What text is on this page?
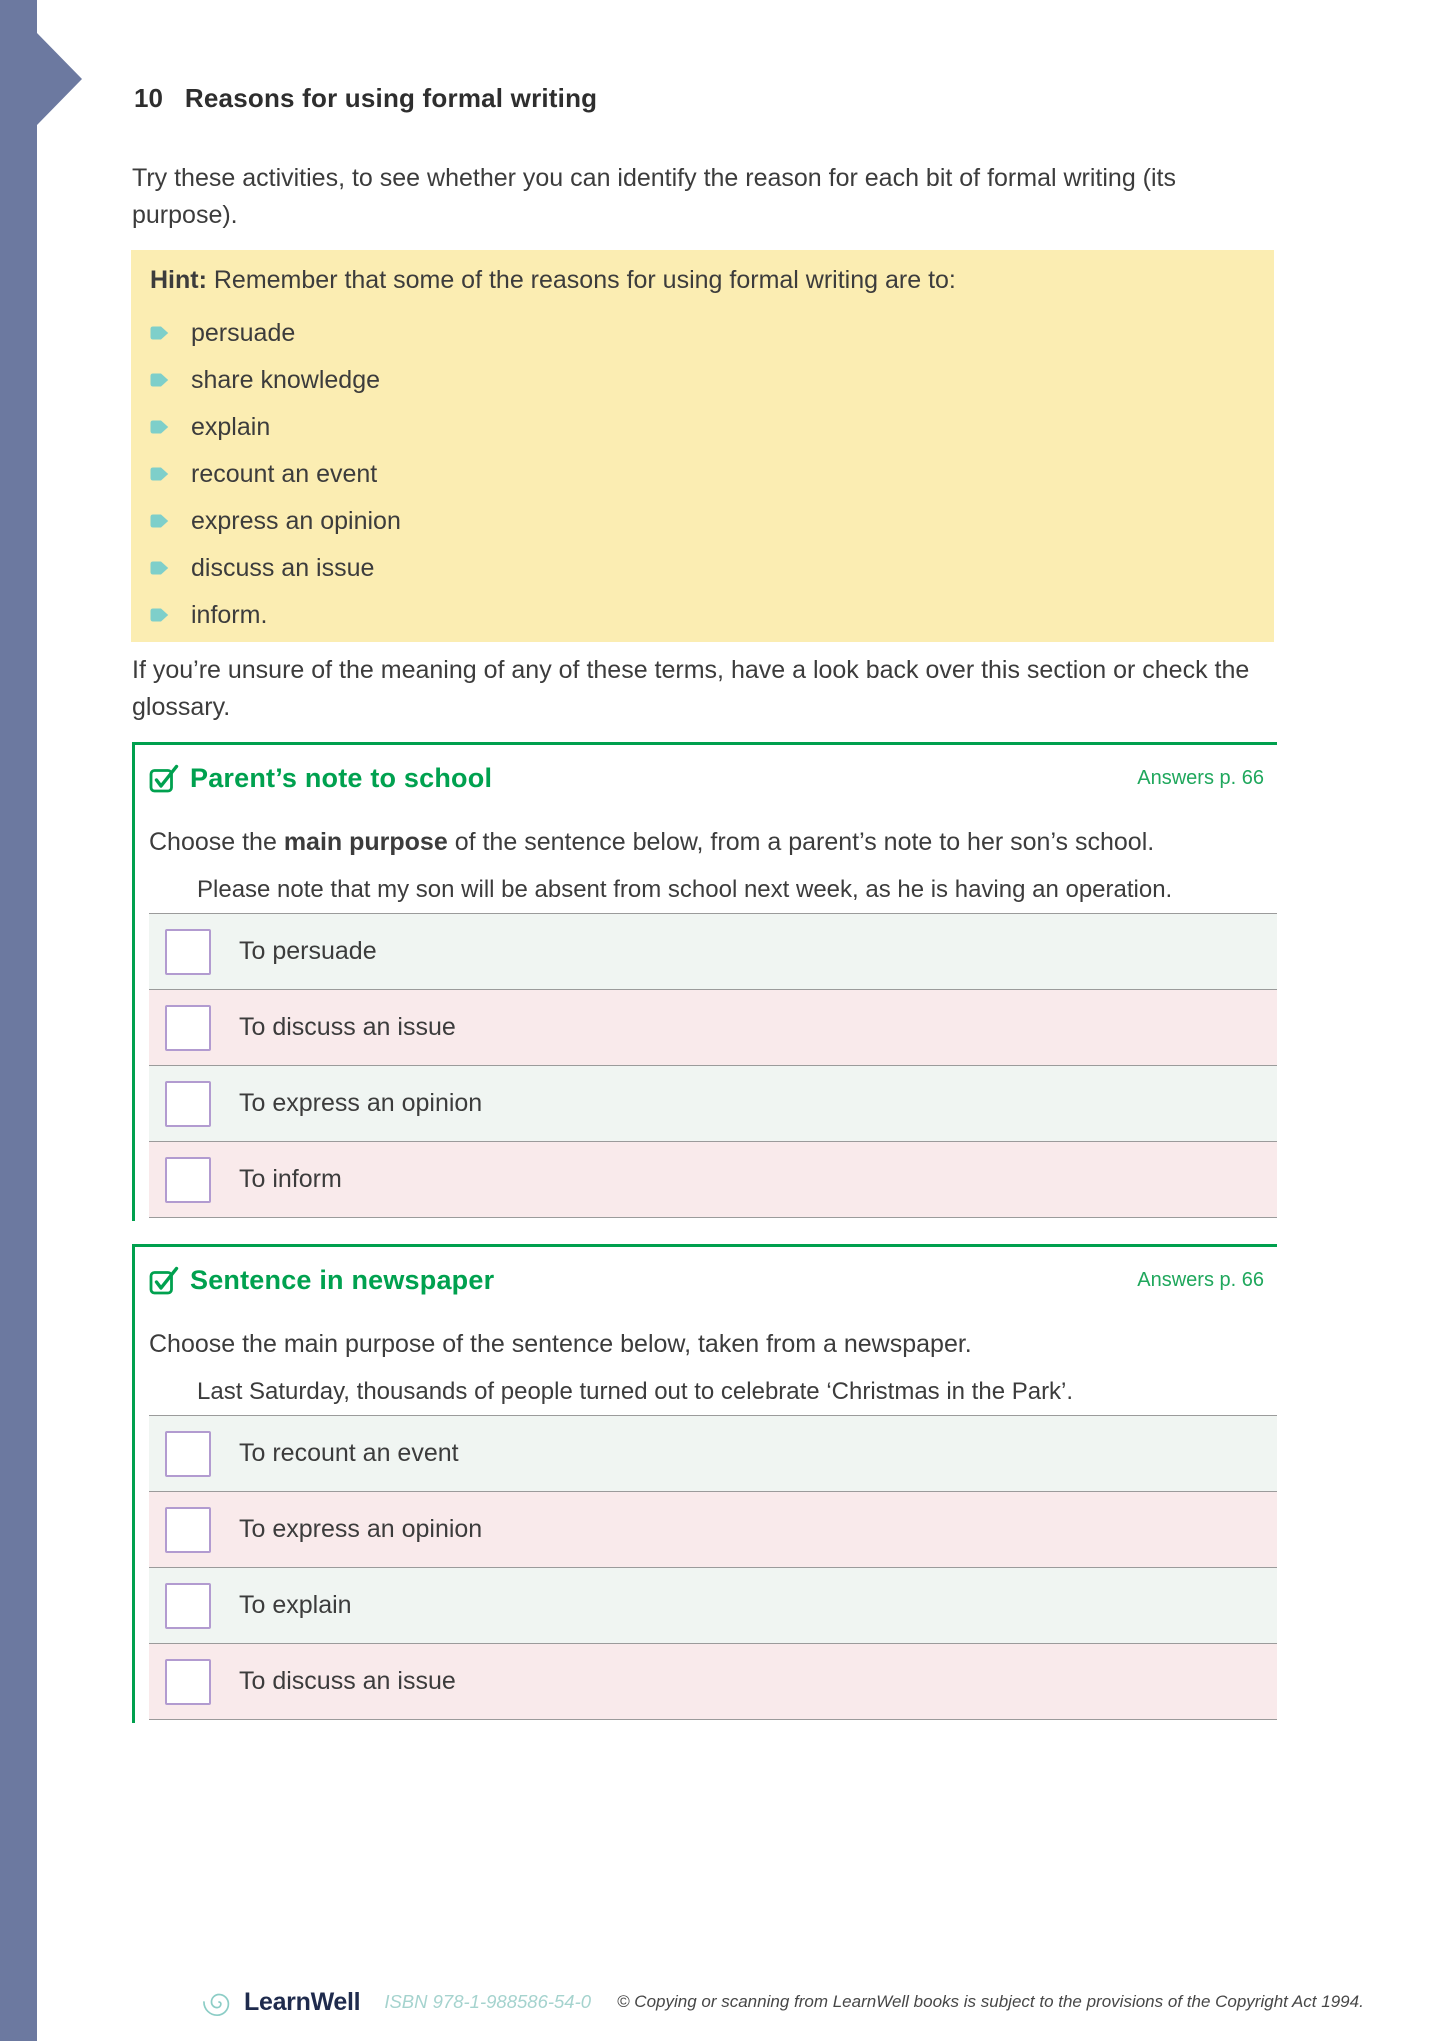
10 Reasons for using formal writing
Try these activities, to see whether you can identify the reason for each bit of formal writing (its purpose).
Hint: Remember that some of the reasons for using formal writing are to:
persuade
share knowledge
explain
recount an event
express an opinion
discuss an issue
inform.
If you’re unsure of the meaning of any of these terms, have a look back over this section or check the glossary.
Parent’s note to school	Answers p. 66
Choose the main purpose of the sentence below, from a parent’s note to her son’s school.
Please note that my son will be absent from school next week, as he is having an operation.
To persuade
To discuss an issue
To express an opinion
To inform
Sentence in newspaper	Answers p. 66
Choose the main purpose of the sentence below, taken from a newspaper.
Last Saturday, thousands of people turned out to celebrate ‘Christmas in the Park’.
To recount an event
To express an opinion
To explain
To discuss an issue
LearnWell ISBN 978-1-988586-54-0 © Copying or scanning from LearnWell books is subject to the provisions of the Copyright Act 1994.
